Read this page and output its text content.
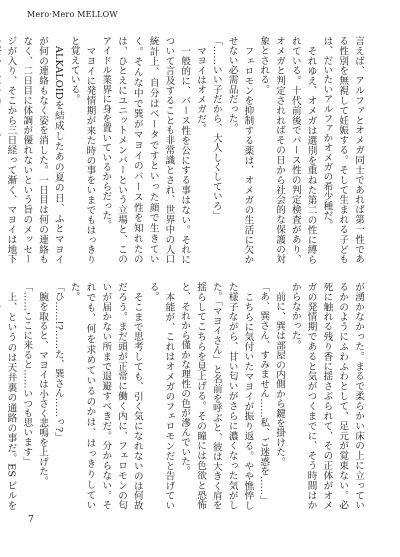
Mero·Mero MELLOW

言えば、アルファとオメガ同士であれば第一性である性別を無視して妊娠する。そして生まれる子どもは、だいたいアルファかオメガの希少種だ。

それゆえ、オメガは選別を重ねた第二の性に縛られている。十代前後でバース性の判定検査があり、オメガと判定されればその日から社会的な保護の対象とされる。

フェロモンを抑制する薬は、オメガの生活に欠かせない必需品だった。

「……いい子だから、大人しくしていろ」

マヨイはオメガだ。

一般的に、バース性を公にする事はない。それについて言及することも非常識とされ、世界中の人口統計上、自分はベータですといった顔で生きていく。そんな中で巽がマヨイのバース性を知れたのは、ひとえにユニットメンバーという立場と、このアイドル業界に身を置いているからだった。

マヨイに発情期が来た時の事をいまでもはっきりと覚えている。

ALKALOIDを結成したあの夏の日、ふとマヨイが何の連絡もなく姿を消した。一日目は何の連絡もなく、二日目に体調が優れないという旨のメッセージが入り、そこから三日経って漸く、マヨイは地下

が湧かなかった。まるで柔らかい床の上に立っているかのようにふわふわとして、足元が覚束ない。必死に触れる残り香に揺さぶられて、その正体がオメガの発情期であると気がつくまでに、そう時間はかからなかった。

前に、巽は部屋の内側から鍵を掛けた。

「あ、巽さん、すみません……私、ご迷惑を……」

こちらに気付いたマヨイが振り返る。やや憔悴した様子ながら、甘い匂いがさらに濃くなった気がした。「マヨイさん」と名前を呼ぶと、彼は大きく肩を揺らしてこちらを見上げる。その瞳には色欲と恐怖と、それから僅かな理性の色が滲んでいた。

本能が、これはオメガのフェロモンだと告げている。

そこまで思考しても、引く気になれないのは何故だろう。まだ頭が正常に働く内に、フェロモンの匂いが届かない所まで退避すべきだ。分からない。それでも、何を求めているのかは、はっきりしていた。

「ひ……!?……た、巽さん……っ?」

腕を取ると、マヨイは小さく悲鳴を上げた。

「……ここに来ると……いつも思います」

上、というのは天井裏の通路の事だ。ES ビルを

7
